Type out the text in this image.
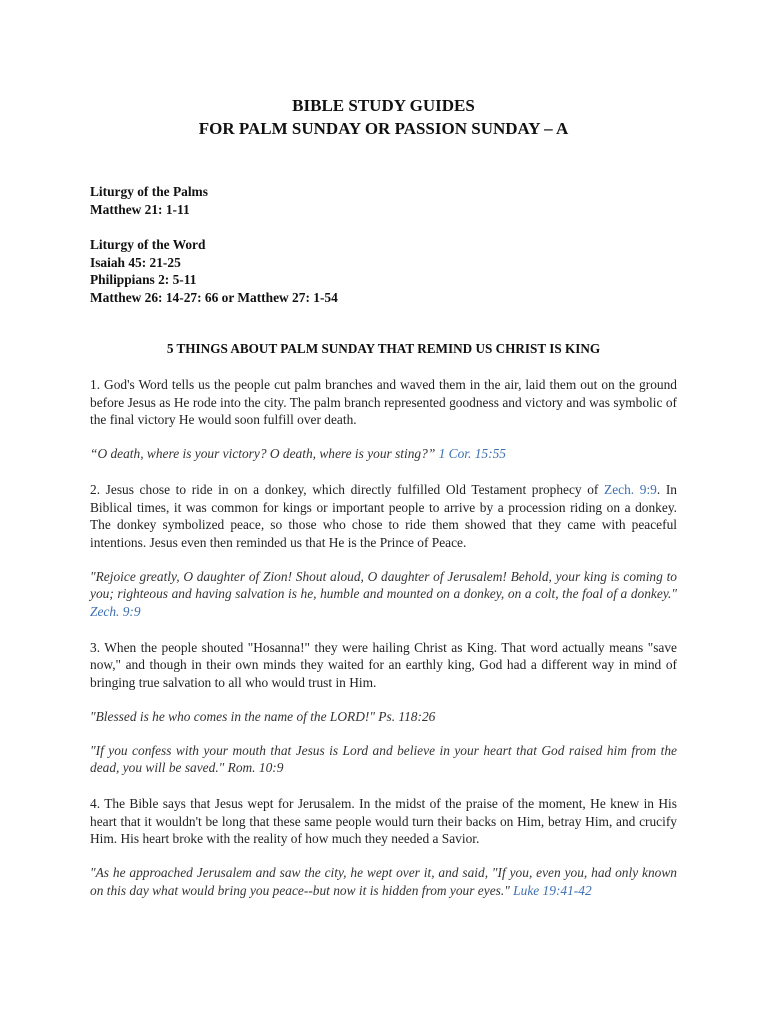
BIBLE STUDY GUIDES
FOR PALM SUNDAY OR PASSION SUNDAY – A
Liturgy of the Palms
Matthew 21: 1-11
Liturgy of the Word
Isaiah 45: 21-25
Philippians 2: 5-11
Matthew 26: 14-27: 66 or Matthew 27: 1-54
5 THINGS ABOUT PALM SUNDAY THAT REMIND US CHRIST IS KING
1. God's Word tells us the people cut palm branches and waved them in the air, laid them out on the ground before Jesus as He rode into the city. The palm branch represented goodness and victory and was symbolic of the final victory He would soon fulfill over death.
“O death, where is your victory? O death, where is your sting?” 1 Cor. 15:55
2. Jesus chose to ride in on a donkey, which directly fulfilled Old Testament prophecy of Zech. 9:9. In Biblical times, it was common for kings or important people to arrive by a procession riding on a donkey. The donkey symbolized peace, so those who chose to ride them showed that they came with peaceful intentions. Jesus even then reminded us that He is the Prince of Peace.
"Rejoice greatly, O daughter of Zion! Shout aloud, O daughter of Jerusalem! Behold, your king is coming to you; righteous and having salvation is he, humble and mounted on a donkey, on a colt, the foal of a donkey." Zech. 9:9
3. When the people shouted "Hosanna!" they were hailing Christ as King. That word actually means "save now," and though in their own minds they waited for an earthly king, God had a different way in mind of bringing true salvation to all who would trust in Him.
"Blessed is he who comes in the name of the LORD!" Ps. 118:26
"If you confess with your mouth that Jesus is Lord and believe in your heart that God raised him from the dead, you will be saved." Rom. 10:9
4. The Bible says that Jesus wept for Jerusalem. In the midst of the praise of the moment, He knew in His heart that it wouldn't be long that these same people would turn their backs on Him, betray Him, and crucify Him. His heart broke with the reality of how much they needed a Savior.
"As he approached Jerusalem and saw the city, he wept over it, and said, "If you, even you, had only known on this day what would bring you peace--but now it is hidden from your eyes." Luke 19:41-42
